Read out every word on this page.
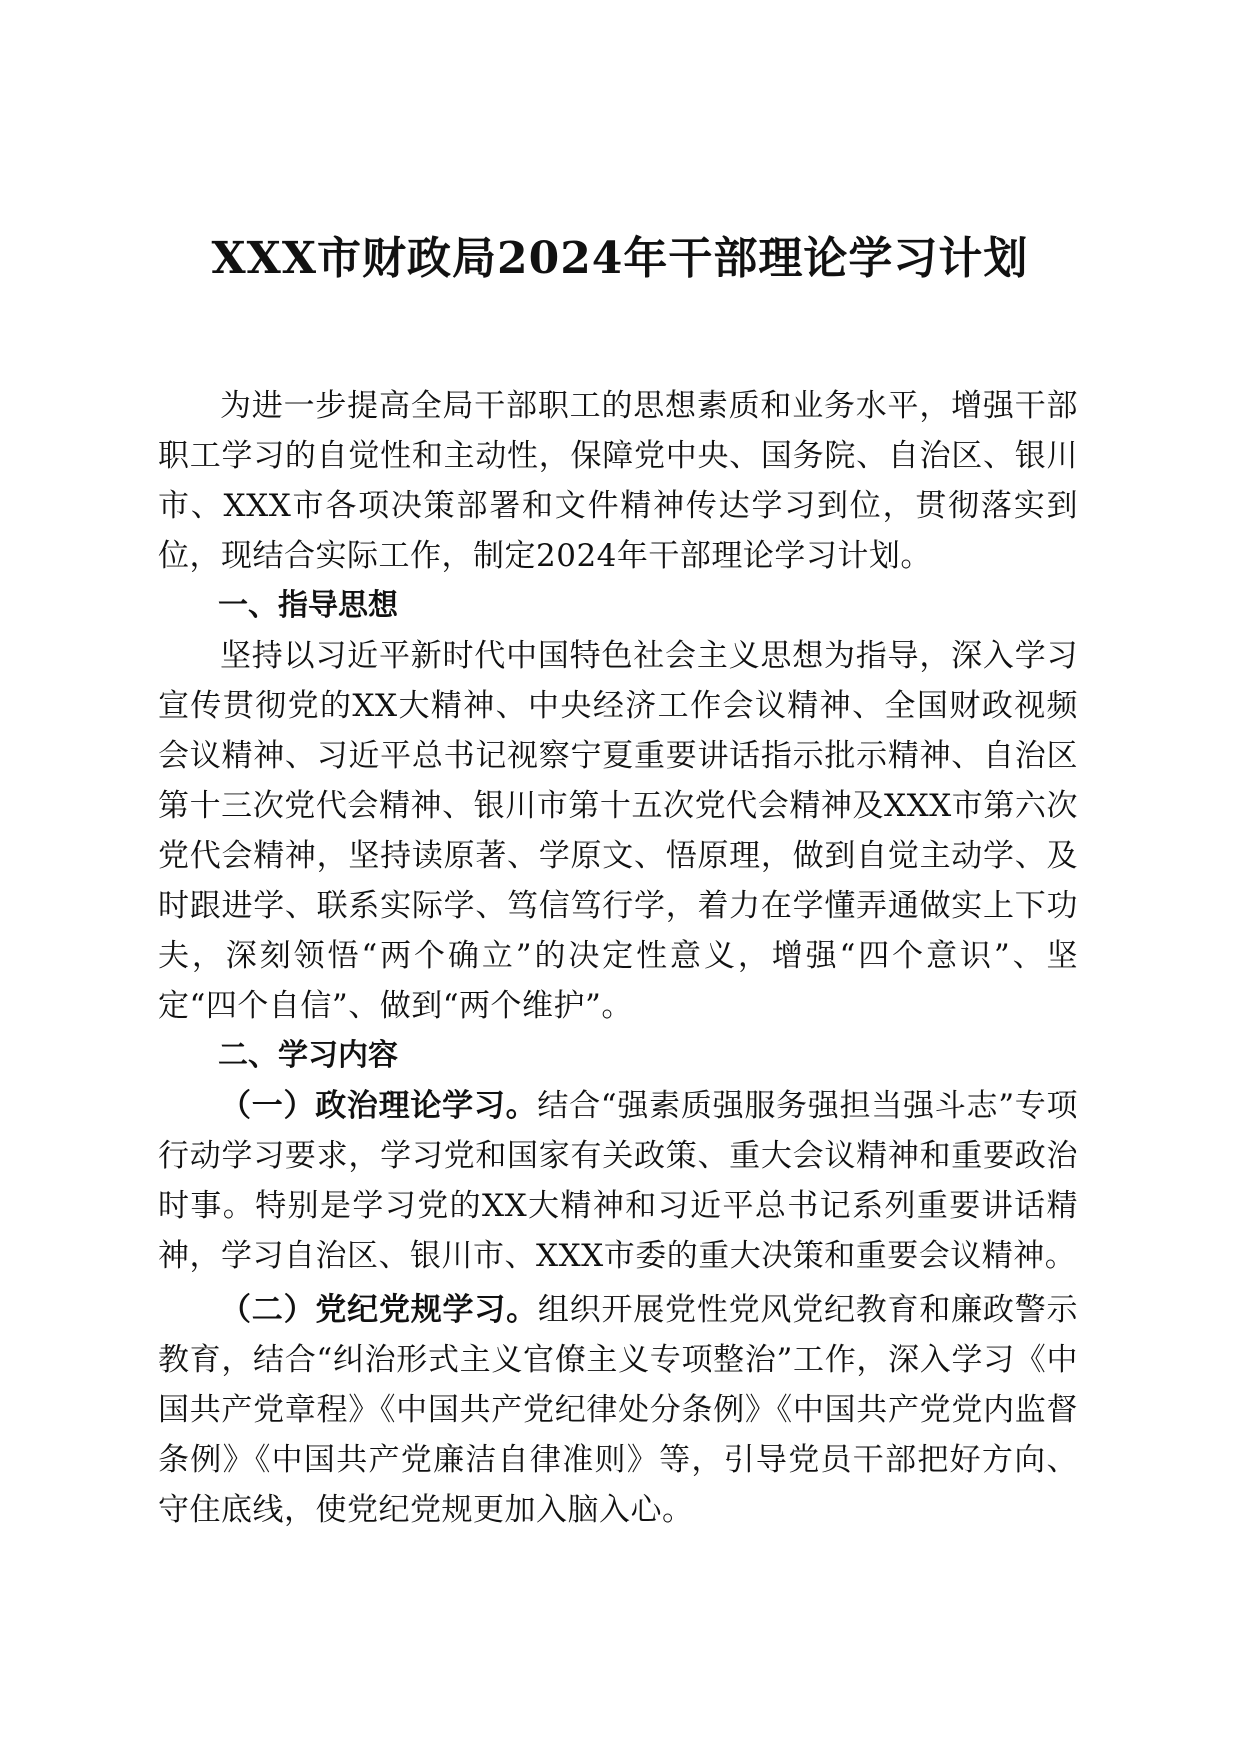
XXX市财政局2024年干部理论学习计划

为进一步提高全局干部职工的思想素质和业务水平，增强干部职工学习的自觉性和主动性，保障党中央、国务院、自治区、银川市、XXX市各项决策部署和文件精神传达学习到位，贯彻落实到位，现结合实际工作，制定2024年干部理论学习计划。

一、指导思想

坚持以习近平新时代中国特色社会主义思想为指导，深入学习宣传贯彻党的XX大精神、中央经济工作会议精神、全国财政视频会议精神、习近平总书记视察宁夏重要讲话指示批示精神、自治区第十三次党代会精神、银川市第十五次党代会精神及XXX市第六次党代会精神，坚持读原著、学原文、悟原理，做到自觉主动学、及时跟进学、联系实际学、笃信笃行学，着力在学懂弄通做实上下功夫，深刻领悟“两个确立”的决定性意义，增强“四个意识”、坚定“四个自信”、做到“两个维护”。

二、学习内容

（一）政治理论学习。结合“强素质强服务强担当强斗志”专项行动学习要求，学习党和国家有关政策、重大会议精神和重要政治时事。特别是学习党的XX大精神和习近平总书记系列重要讲话精神，学习自治区、银川市、XXX市委的重大决策和重要会议精神。

（二）党纪党规学习。组织开展党性党风党纪教育和廉政警示教育，结合“纠治形式主义官僚主义专项整治”工作，深入学习《中国共产党章程》《中国共产党纪律处分条例》《中国共产党党内监督条例》《中国共产党廉洁自律准则》等，引导党员干部把好方向、守住底线，使党纪党规更加入脑入心。
